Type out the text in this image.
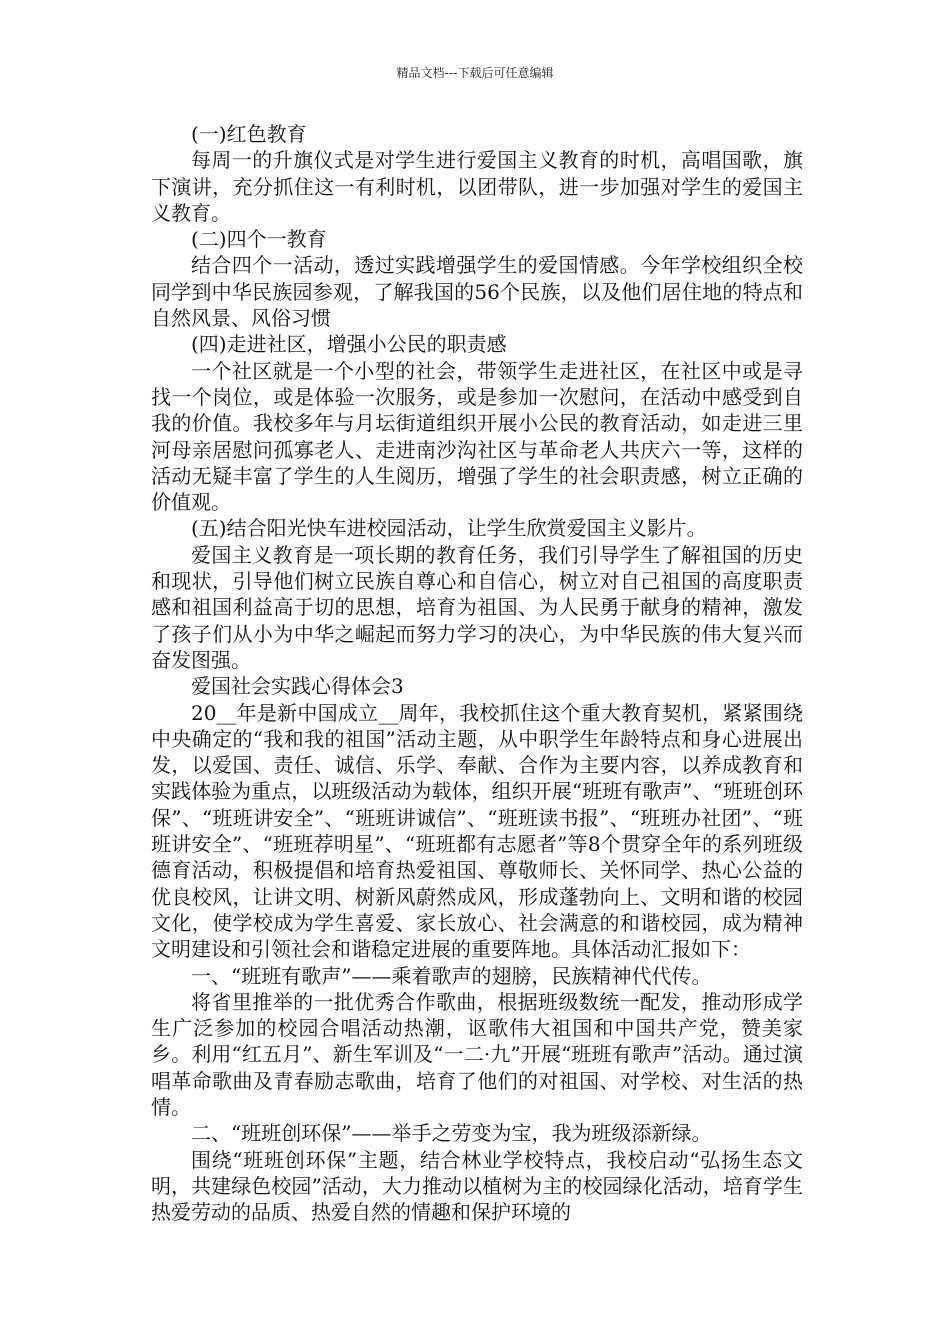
精品文档---下载后可任意编辑

(一)红色教育

每周一的升旗仪式是对学生进行爱国主义教育的时机，高唱国歌，旗下演讲，充分抓住这一有利时机，以团带队，进一步加强对学生的爱国主义教育。

(二)四个一教育

结合四个一活动，透过实践增强学生的爱国情感。今年学校组织全校同学到中华民族园参观，了解我国的56个民族，以及他们居住地的特点和自然风景、风俗习惯

(四)走进社区，增强小公民的职责感

一个社区就是一个小型的社会，带领学生走进社区，在社区中或是寻找一个岗位，或是体验一次服务，或是参加一次慰问，在活动中感受到自我的价值。我校多年与月坛街道组织开展小公民的教育活动，如走进三里河母亲居慰问孤寡老人、走进南沙沟社区与革命老人共庆六一等，这样的活动无疑丰富了学生的人生阅历，增强了学生的社会职责感，树立正确的价值观。

(五)结合阳光快车进校园活动，让学生欣赏爱国主义影片。

爱国主义教育是一项长期的教育任务，我们引导学生了解祖国的历史和现状，引导他们树立民族自尊心和自信心，树立对自己祖国的高度职责感和祖国利益高于切的思想，培育为祖国、为人民勇于献身的精神，激发了孩子们从小为中华之崛起而努力学习的决心，为中华民族的伟大复兴而奋发图强。

爱国社会实践心得体会3

20__年是新中国成立__周年，我校抓住这个重大教育契机，紧紧围绕中央确定的“我和我的祖国”活动主题，从中职学生年龄特点和身心进展出发，以爱国、责任、诚信、乐学、奉献、合作为主要内容，以养成教育和实践体验为重点，以班级活动为载体，组织开展“班班有歌声”、“班班创环保”、“班班讲安全”、“班班讲诚信”、“班班读书报”、“班班办社团”、“班班讲安全”、“班班荐明星”、“班班都有志愿者”等8个贯穿全年的系列班级德育活动，积极提倡和培育热爱祖国、尊敬师长、关怀同学、热心公益的优良校风，让讲文明、树新风蔚然成风，形成蓬勃向上、文明和谐的校园文化，使学校成为学生喜爱、家长放心、社会满意的和谐校园，成为精神文明建设和引领社会和谐稳定进展的重要阵地。具体活动汇报如下：

一、“班班有歌声”——乘着歌声的翅膀，民族精神代代传。

将省里推举的一批优秀合作歌曲，根据班级数统一配发，推动形成学生广泛参加的校园合唱活动热潮，讴歌伟大祖国和中国共产党，赞美家乡。利用“红五月”、新生军训及“一二·九”开展“班班有歌声”活动。通过演唱革命歌曲及青春励志歌曲，培育了他们的对祖国、对学校、对生活的热情。

二、“班班创环保”——举手之劳变为宝，我为班级添新绿。

围绕“班班创环保”主题，结合林业学校特点，我校启动“弘扬生态文明，共建绿色校园”活动，大力推动以植树为主的校园绿化活动，培育学生热爱劳动的品质、热爱自然的情趣和保护环境的
